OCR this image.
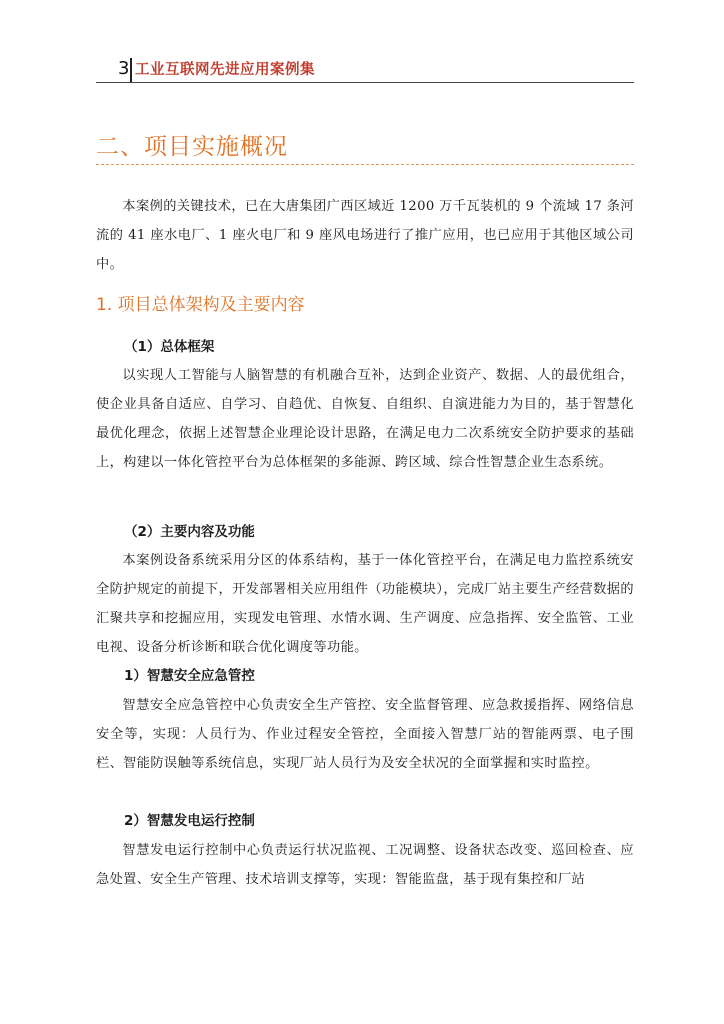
3 工业互联网先进应用案例集
二、项目实施概况

本案例的关键技术，已在大唐集团广西区域近 1200 万千瓦装机的 9 个流域 17 条河流的 41 座水电厂、1 座火电厂和 9 座风电场进行了推广应用，也已应用于其他区域公司中。

1. 项目总体架构及主要内容
（1）总体框架

以实现人工智能与人脑智慧的有机融合互补，达到企业资产、数据、人的最优组合，使企业具备自适应、自学习、自趋优、自恢复、自组织、自演进能力为目的，基于智慧化最优化理念，依据上述智慧企业理论设计思路，在满足电力二次系统安全防护要求的基础上，构建以一体化管控平台为总体框架的多能源、跨区域、综合性智慧企业生态系统。

（2）主要内容及功能

本案例设备系统采用分区的体系结构，基于一体化管控平台，在满足电力监控系统安全防护规定的前提下，开发部署相关应用组件（功能模块），完成厂站主要生产经营数据的汇聚共享和挖掘应用，实现发电管理、水情水调、生产调度、应急指挥、安全监管、工业电视、设备分析诊断和联合优化调度等功能。

1）智慧安全应急管控

智慧安全应急管控中心负责安全生产管控、安全监督管理、应急救援指挥、网络信息安全等，实现：人员行为、作业过程安全管控，全面接入智慧厂站的智能两票、电子围栏、智能防误触等系统信息，实现厂站人员行为及安全状况的全面掌握和实时监控。

2）智慧发电运行控制

智慧发电运行控制中心负责运行状况监视、工况调整、设备状态改变、巡回检查、应急处置、安全生产管理、技术培训支撑等，实现：智能监盘，基于现有集控和厂站
